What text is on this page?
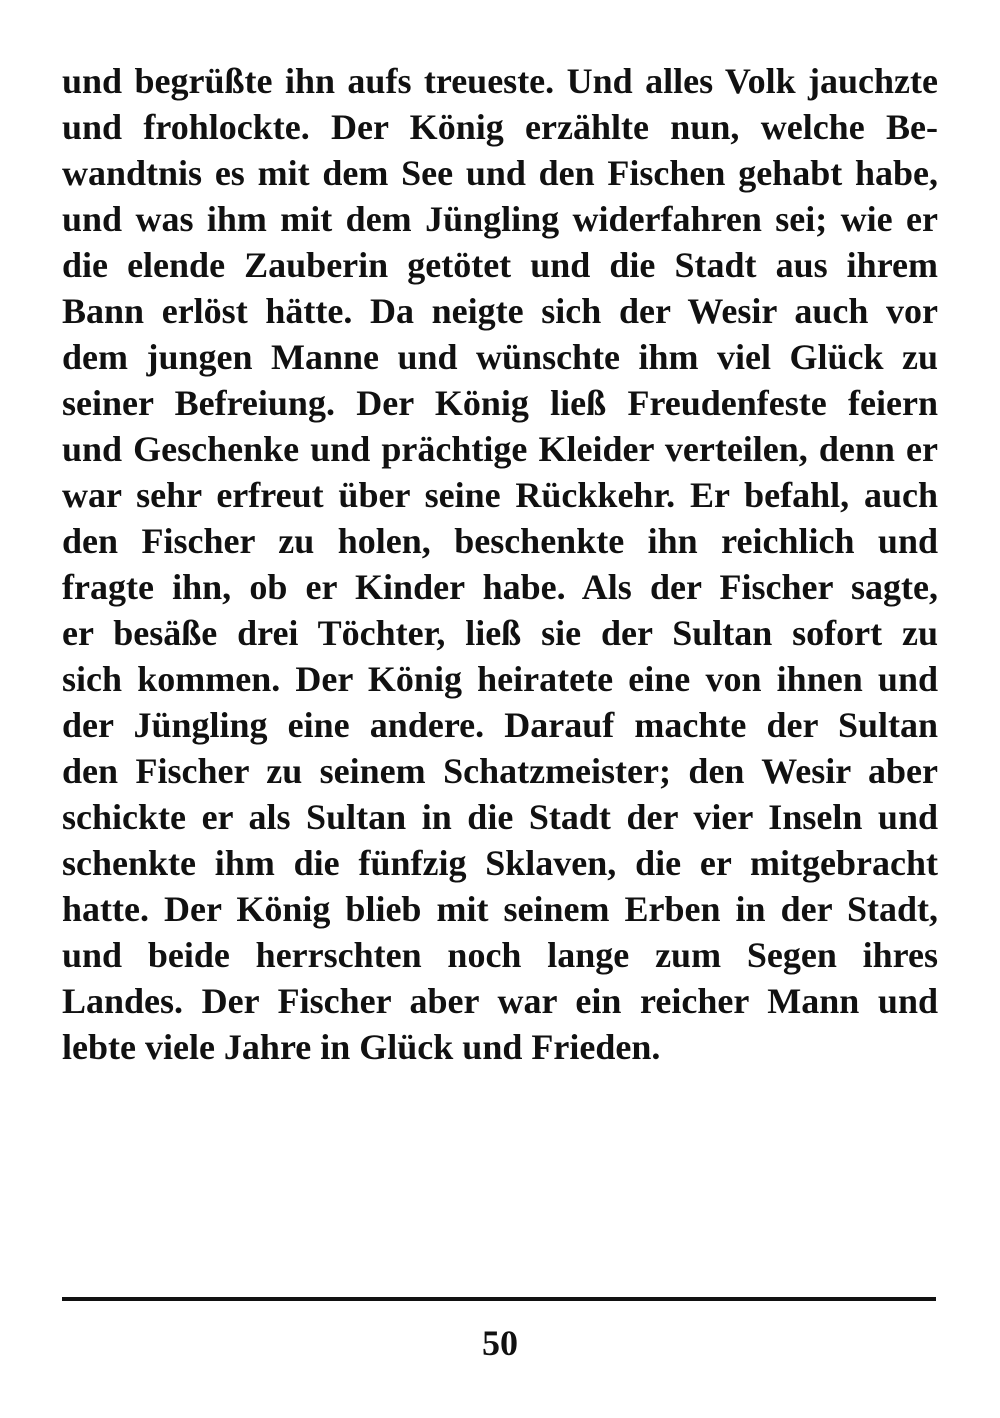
und begrüßte ihn aufs treueste. Und alles Volk jauchzte
und frohlockte. Der König erzählte nun, welche Be-
wandtnis es mit dem See und den Fischen gehabt habe,
und was ihm mit dem Jüngling widerfahren sei; wie er
die elende Zauberin getötet und die Stadt aus ihrem
Bann erlöst hätte. Da neigte sich der Wesir auch vor
dem jungen Manne und wünschte ihm viel Glück zu
seiner Befreiung. Der König ließ Freudenfeste feiern
und Geschenke und prächtige Kleider verteilen, denn er
war sehr erfreut über seine Rückkehr. Er befahl, auch
den Fischer zu holen, beschenkte ihn reichlich und
fragte ihn, ob er Kinder habe. Als der Fischer sagte,
er besäße drei Töchter, ließ sie der Sultan sofort zu
sich kommen. Der König heiratete eine von ihnen und
der Jüngling eine andere. Darauf machte der Sultan
den Fischer zu seinem Schatzmeister; den Wesir aber
schickte er als Sultan in die Stadt der vier Inseln und
schenkte ihm die fünfzig Sklaven, die er mitgebracht
hatte. Der König blieb mit seinem Erben in der Stadt,
und beide herrschten noch lange zum Segen ihres
Landes. Der Fischer aber war ein reicher Mann und
lebte viele Jahre in Glück und Frieden.
50
